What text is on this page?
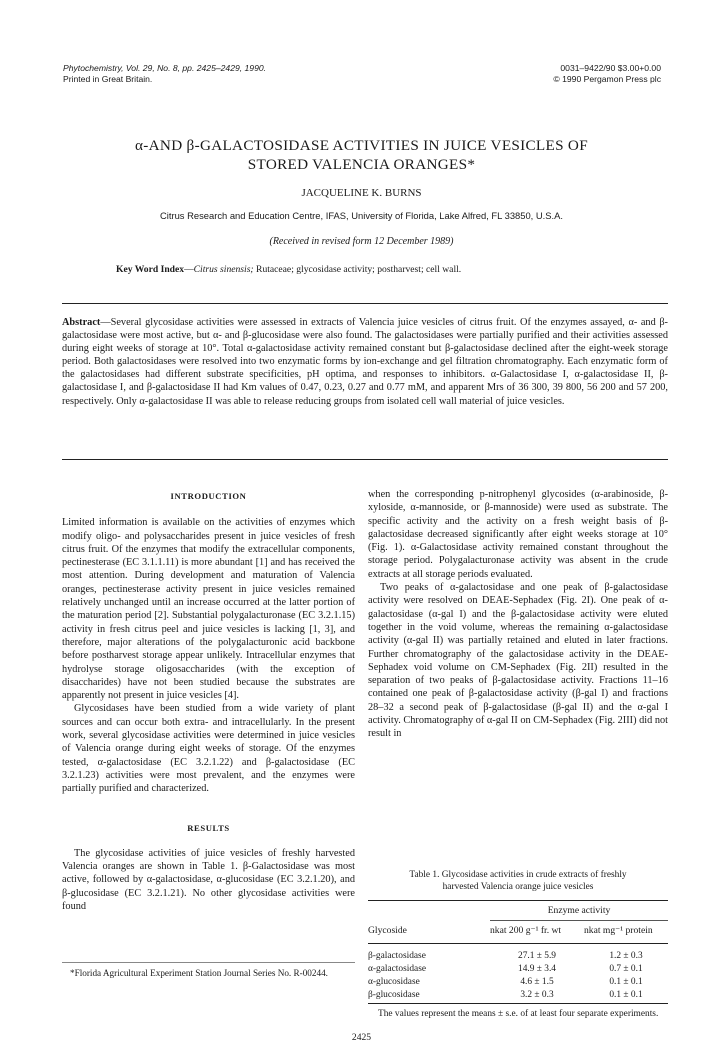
Phytochemistry, Vol. 29, No. 8, pp. 2425–2429, 1990.
Printed in Great Britain.
0031–9422/90 $3.00+0.00
© 1990 Pergamon Press plc
α-AND β-GALACTOSIDASE ACTIVITIES IN JUICE VESICLES OF
STORED VALENCIA ORANGES*
JACQUELINE K. BURNS
Citrus Research and Education Centre, IFAS, University of Florida, Lake Alfred, FL 33850, U.S.A.
(Received in revised form 12 December 1989)
Key Word Index—Citrus sinensis; Rutaceae; glycosidase activity; postharvest; cell wall.
Abstract—Several glycosidase activities were assessed in extracts of Valencia juice vesicles of citrus fruit. Of the enzymes assayed, α- and β-galactosidase were most active, but α- and β-glucosidase were also found. The galactosidases were partially purified and their activities assessed during eight weeks of storage at 10°. Total α-galactosidase activity remained constant but β-galactosidase declined after the eight-week storage period. Both galactosidases were resolved into two enzymatic forms by ion-exchange and gel filtration chromatography. Each enzymatic form of the galactosidases had different substrate specificities, pH optima, and responses to inhibitors. α-Galactosidase I, α-galactosidase II, β-galactosidase I, and β-galactosidase II had Km values of 0.47, 0.23, 0.27 and 0.77 mM, and apparent Mrs of 36 300, 39 800, 56 200 and 57 200, respectively. Only α-galactosidase II was able to release reducing groups from isolated cell wall material of juice vesicles.
INTRODUCTION

Limited information is available on the activities of enzymes which modify oligo- and polysaccharides present in juice vesicles of fresh citrus fruit. Of the enzymes that modify the extracellular components, pectinesterase (EC 3.1.1.11) is more abundant [1] and has received the most attention. During development and maturation of Valencia oranges, pectinesterase activity present in juice vesicles remained relatively unchanged until an increase occurred at the latter portion of the maturation period [2]. Substantial polygalacturonase (EC 3.2.1.15) activity in fresh citrus peel and juice vesicles is lacking [1, 3], and therefore, major alterations of the polygalacturonic acid backbone before postharvest storage appear unlikely. Intracellular enzymes that hydrolyse storage oligosaccharides (with the exception of disaccharides) have not been studied because the substrates are apparently not present in juice vesicles [4].

Glycosidases have been studied from a wide variety of plant sources and can occur both extra- and intracellularly. In the present work, several glycosidase activities were determined in juice vesicles of Valencia orange during eight weeks of storage. Of the enzymes tested, α-galactosidase (EC 3.2.1.22) and β-galactosidase (EC 3.2.1.23) activities were most prevalent, and the enzymes were partially purified and characterized.

RESULTS

The glycosidase activities of juice vesicles of freshly harvested Valencia oranges are shown in Table 1. β-Galactosidase was most active, followed by α-galactosidase, α-glucosidase (EC 3.2.1.20), and β-glucosidase (EC 3.2.1.21). No other glycosidase activities were found

*Florida Agricultural Experiment Station Journal Series No. R-00244.

when the corresponding p-nitrophenyl glycosides (α-arabinoside, β-xyloside, α-mannoside, or β-mannoside) were used as substrate. The specific activity and the activity on a fresh weight basis of β-galactosidase decreased significantly after eight weeks storage at 10° (Fig. 1). α-Galactosidase activity remained constant throughout the storage period. Polygalacturonase activity was absent in the crude extracts at all storage periods evaluated.

Two peaks of α-galactosidase and one peak of β-galactosidase activity were resolved on DEAE-Sephadex (Fig. 2I). One peak of α-galactosidase (α-gal I) and the β-galactosidase activity were eluted together in the void volume, whereas the remaining α-galactosidase activity (α-gal II) was partially retained and eluted in later fractions. Further chromatography of the galactosidase activity in the DEAE-Sephadex void volume on CM-Sephadex (Fig. 2II) resulted in the separation of two peaks of β-galactosidase activity. Fractions 11–16 contained one peak of β-galactosidase activity (β-gal I) and fractions 28–32 a second peak of β-galactosidase (β-gal II) and the α-gal I activity. Chromatography of α-gal II on CM-Sephadex (Fig. 2III) did not result in

Table 1. Glycosidase activities in crude extracts of freshly
harvested Valencia orange juice vesicles
Enzyme activity
Glycoside	nkat 200 g⁻¹ fr. wt nkat mg⁻¹ protein
β-galactosidase	27.1 ± 5.9	1.2 ± 0.3
α-galactosidase	14.9 ± 3.4	0.7 ± 0.1
α-glucosidase	4.6 ± 1.5	0.1 ± 0.1
β-glucosidase	3.2 ± 0.3	0.1 ± 0.1
The values represent the means ± s.e. of at least four separate experiments.
2425
